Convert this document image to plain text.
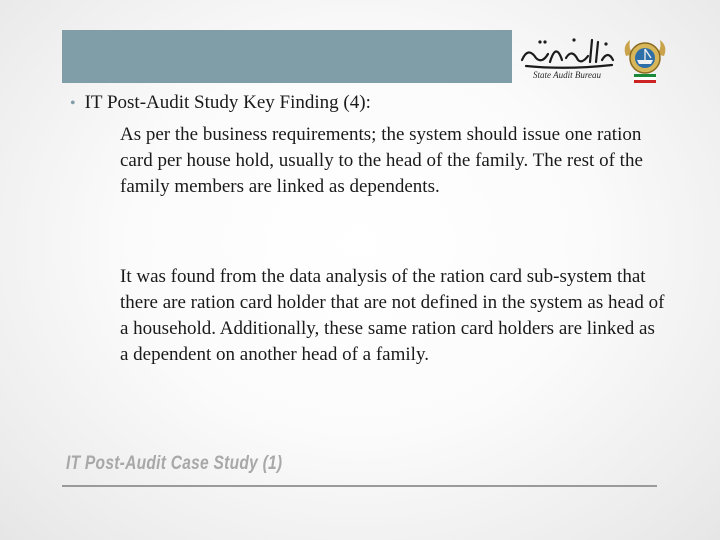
State Audit Bureau
• IT Post-Audit Study Key Finding (4):
As per the business requirements; the system should issue one ration card per house hold, usually to the head of the family. The rest of the family members are linked as dependents.
It was found from the data analysis of the ration card sub-system that there are ration card holder that are not defined in the system as head of a household. Additionally, these same ration card holders are linked as a dependent on another head of a family.
IT Post-Audit Case Study (1)
